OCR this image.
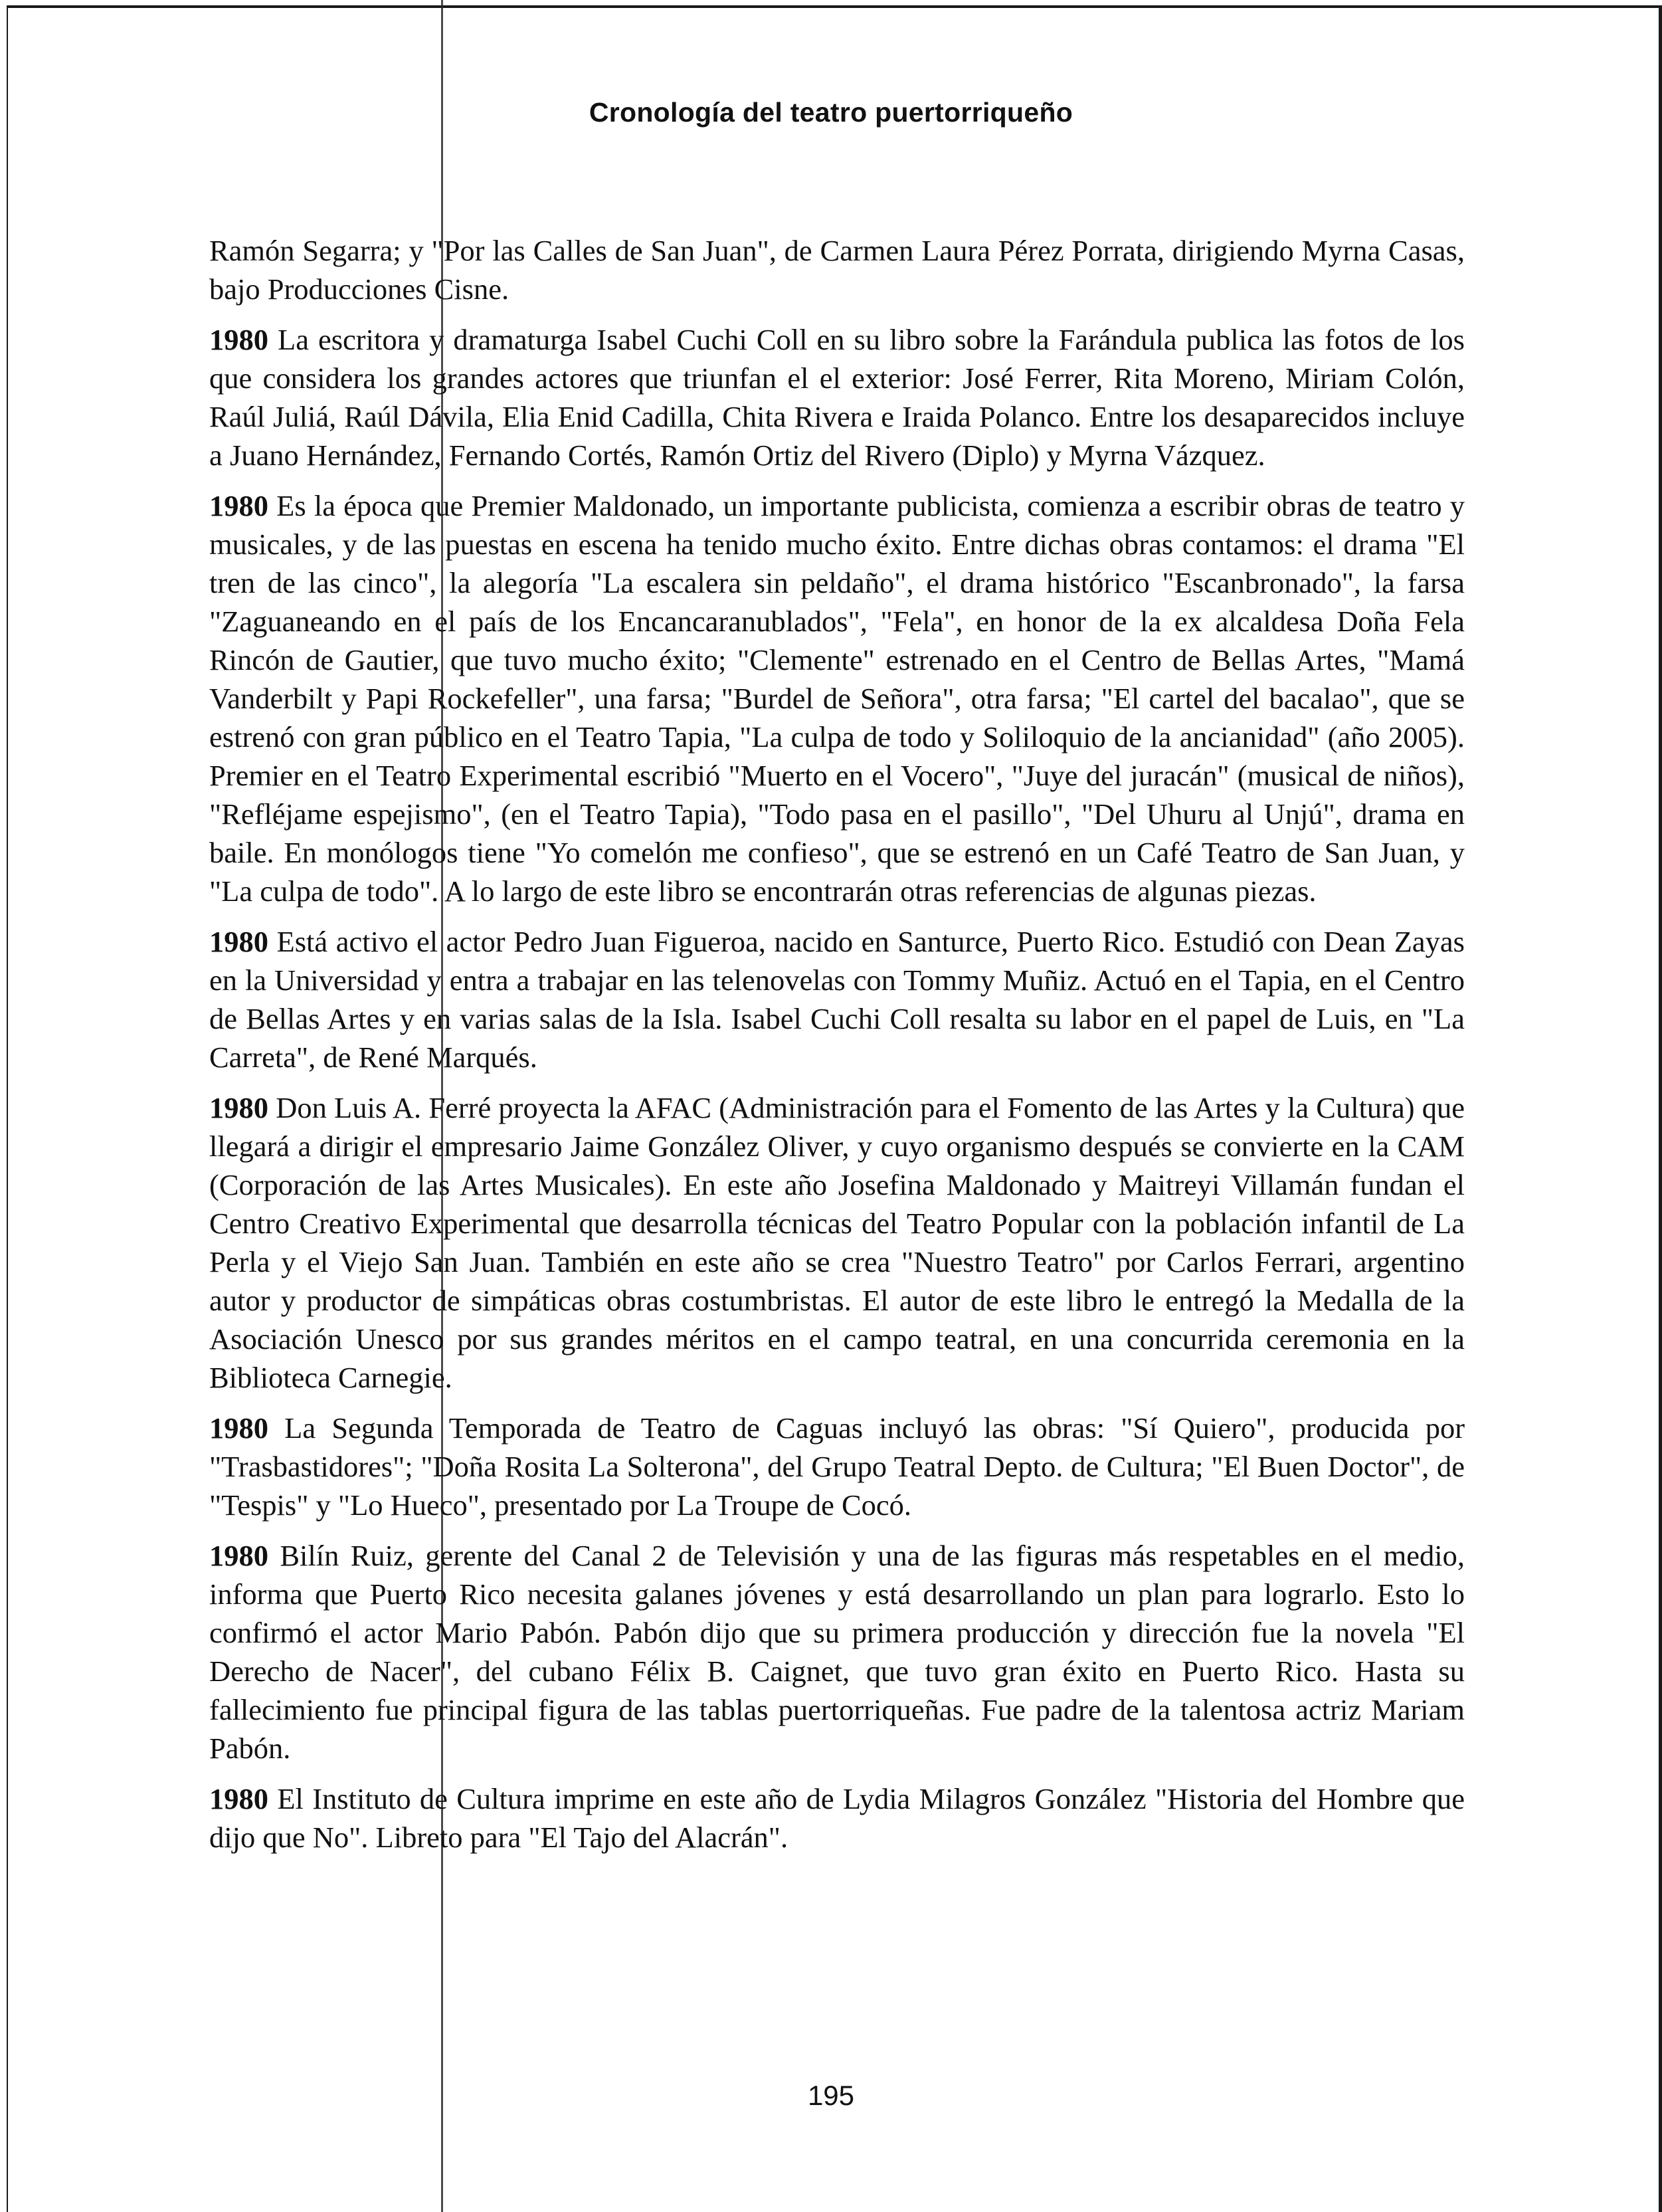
Cronología del teatro puertorriqueño

Ramón Segarra; y "Por las Calles de San Juan", de Carmen Laura Pérez Porrata, dirigiendo Myrna Casas, bajo Producciones Cisne.

1980 La escritora y dramaturga Isabel Cuchi Coll en su libro sobre la Farándula publica las fotos de los que considera los grandes actores que triunfan el el exterior: José Ferrer, Rita Moreno, Miriam Colón, Raúl Juliá, Raúl Dávila, Elia Enid Cadilla, Chita Rivera e Iraida Polanco. Entre los desaparecidos incluye a Juano Hernández, Fernando Cortés, Ramón Ortiz del Rivero (Diplo) y Myrna Vázquez.

1980 Es la época que Premier Maldonado, un importante publicista, comienza a escribir obras de teatro y musicales, y de las puestas en escena ha tenido mucho éxito. Entre dichas obras contamos: el drama "El tren de las cinco", la alegoría "La escalera sin peldaño", el drama histórico "Escanbronado", la farsa "Zaguaneando en el país de los Encancaranublados", "Fela", en honor de la ex alcaldesa Doña Fela Rincón de Gautier, que tuvo mucho éxito; "Clemente" estrenado en el Centro de Bellas Artes, "Mamá Vanderbilt y Papi Rockefeller", una farsa; "Burdel de Señora", otra farsa; "El cartel del bacalao", que se estrenó con gran público en el Teatro Tapia, "La culpa de todo y Soliloquio de la ancianidad" (año 2005). Premier en el Teatro Experimental escribió "Muerto en el Vocero", "Juye del juracán" (musical de niños), "Refléjame espejismo", (en el Teatro Tapia), "Todo pasa en el pasillo", "Del Uhuru al Unjú", drama en baile. En monólogos tiene "Yo comelón me confieso", que se estrenó en un Café Teatro de San Juan, y "La culpa de todo". A lo largo de este libro se encontrarán otras referencias de algunas piezas.

1980 Está activo el actor Pedro Juan Figueroa, nacido en Santurce, Puerto Rico. Estudió con Dean Zayas en la Universidad y entra a trabajar en las telenovelas con Tommy Muñiz. Actuó en el Tapia, en el Centro de Bellas Artes y en varias salas de la Isla. Isabel Cuchi Coll resalta su labor en el papel de Luis, en "La Carreta", de René Marqués.

1980 Don Luis A. Ferré proyecta la AFAC (Administración para el Fomento de las Artes y la Cultura) que llegará a dirigir el empresario Jaime González Oliver, y cuyo organismo después se convierte en la CAM (Corporación de las Artes Musicales). En este año Josefina Maldonado y Maitreyi Villamán fundan el Centro Creativo Experimental que desarrolla técnicas del Teatro Popular con la población infantil de La Perla y el Viejo San Juan. También en este año se crea "Nuestro Teatro" por Carlos Ferrari, argentino autor y productor de simpáticas obras costumbristas. El autor de este libro le entregó la Medalla de la Asociación Unesco por sus grandes méritos en el campo teatral, en una concurrida ceremonia en la Biblioteca Carnegie.

1980 La Segunda Temporada de Teatro de Caguas incluyó las obras: "Sí Quiero", producida por "Trasbastidores"; "Doña Rosita La Solterona", del Grupo Teatral Depto. de Cultura; "El Buen Doctor", de "Tespis" y "Lo Hueco", presentado por La Troupe de Cocó.

1980 Bilín Ruiz, gerente del Canal 2 de Televisión y una de las figuras más respetables en el medio, informa que Puerto Rico necesita galanes jóvenes y está desarrollando un plan para lograrlo. Esto lo confirmó el actor Mario Pabón. Pabón dijo que su primera producción y dirección fue la novela "El Derecho de Nacer", del cubano Félix B. Caignet, que tuvo gran éxito en Puerto Rico. Hasta su fallecimiento fue principal figura de las tablas puertorriqueñas. Fue padre de la talentosa actriz Mariam Pabón.

1980 El Instituto de Cultura imprime en este año de Lydia Milagros González "Historia del Hombre que dijo que No". Libreto para "El Tajo del Alacrán".

195
